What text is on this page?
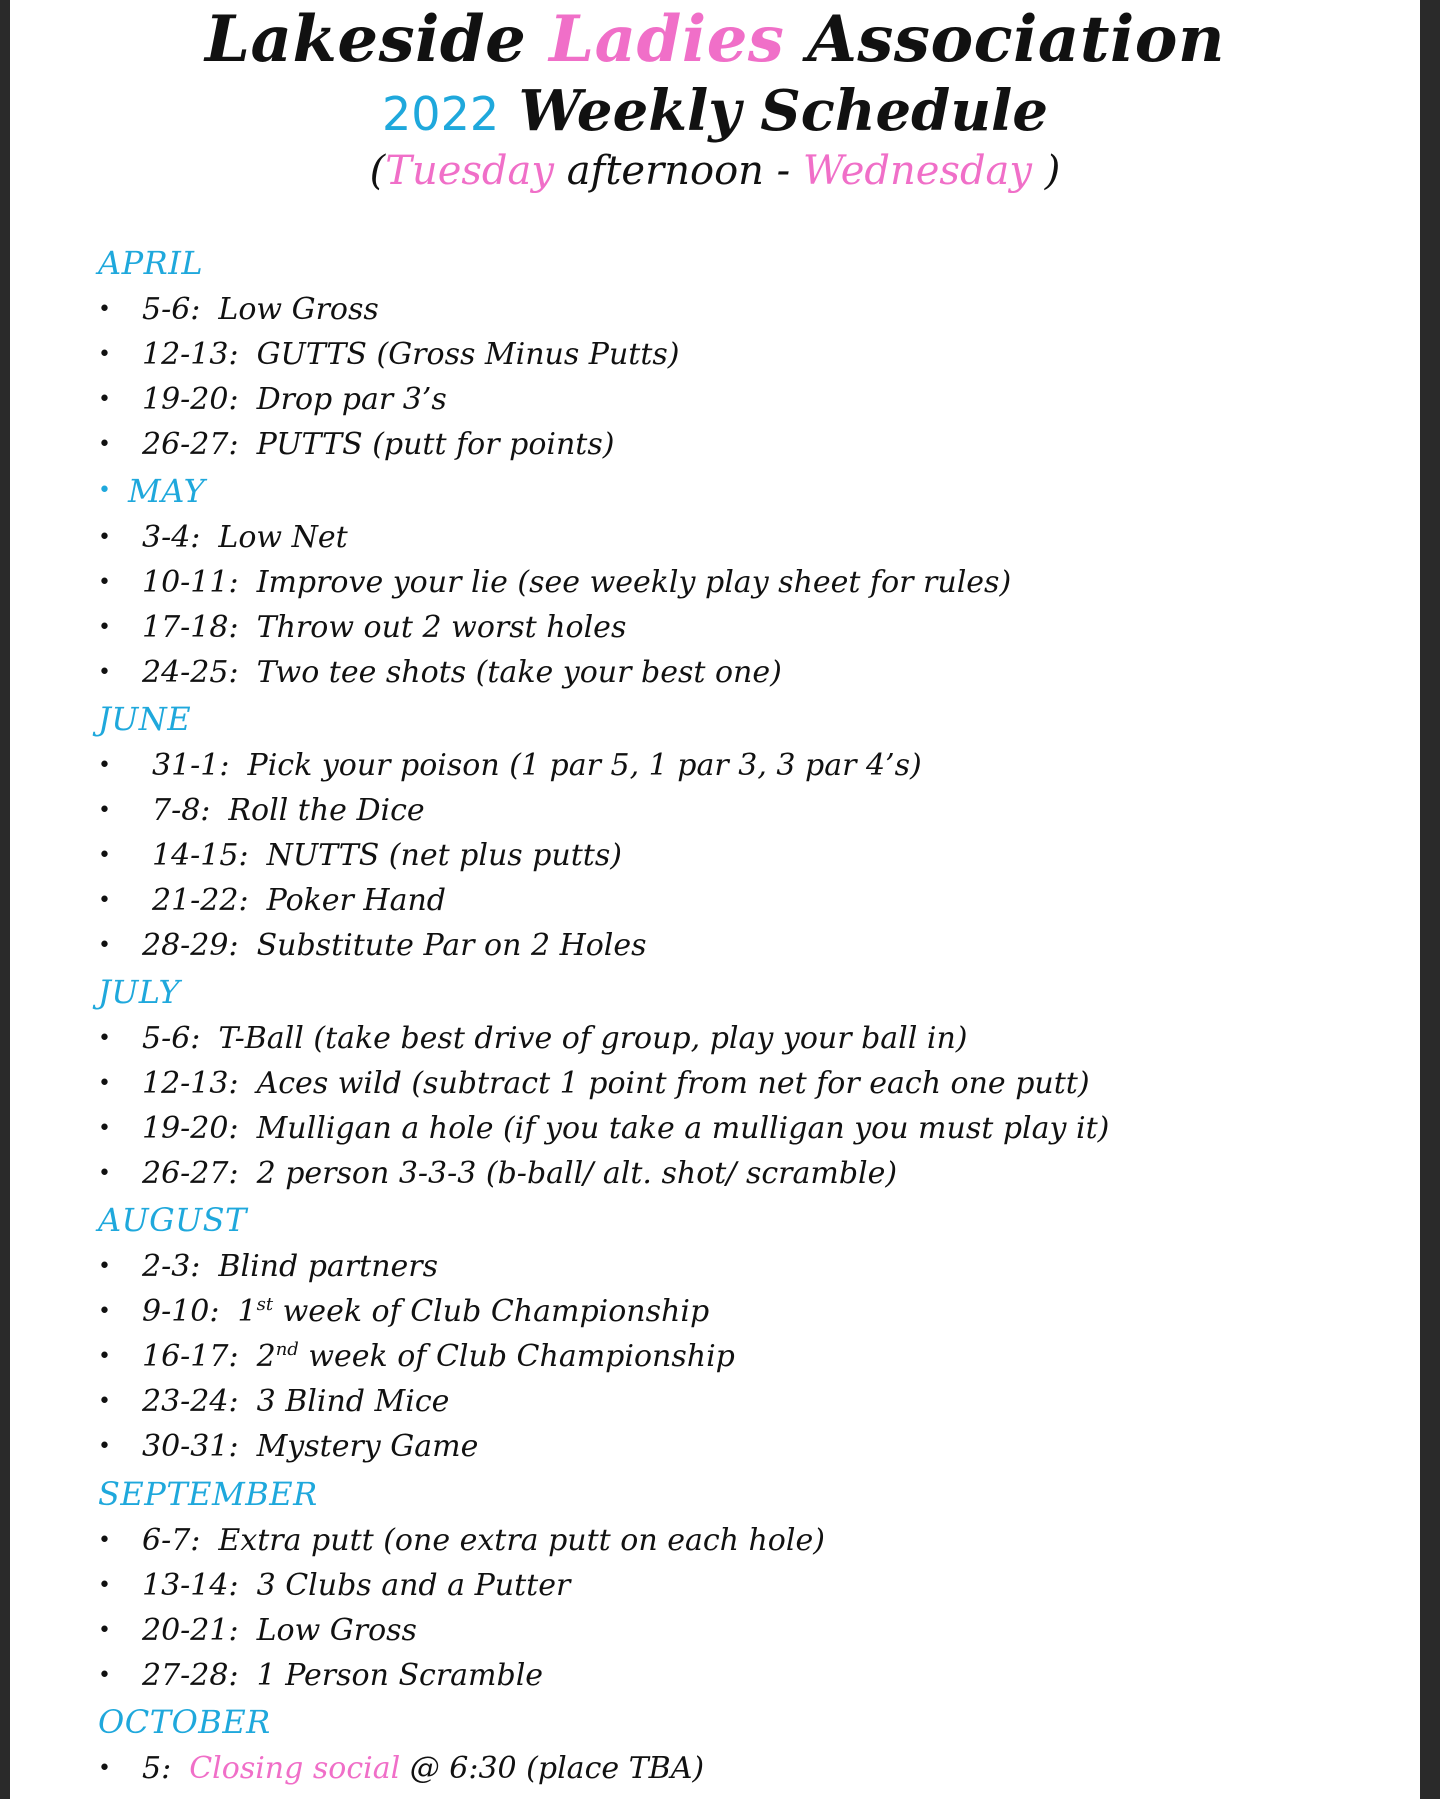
Lakeside Ladies Association
2022 Weekly Schedule
(Tuesday afternoon - Wednesday )
APRIL
• 5-6: Low Gross
• 12-13: GUTTS (Gross Minus Putts)
• 19-20: Drop par 3’s
• 26-27: PUTTS (putt for points)
• MAY
• 3-4: Low Net
• 10-11: Improve your lie (see weekly play sheet for rules)
• 17-18: Throw out 2 worst holes
• 24-25: Two tee shots (take your best one)
JUNE
• 31-1: Pick your poison (1 par 5, 1 par 3, 3 par 4’s)
• 7-8: Roll the Dice
• 14-15: NUTTS (net plus putts)
• 21-22: Poker Hand
• 28-29: Substitute Par on 2 Holes
JULY
• 5-6: T-Ball (take best drive of group, play your ball in)
• 12-13: Aces wild (subtract 1 point from net for each one putt)
• 19-20: Mulligan a hole (if you take a mulligan you must play it)
• 26-27: 2 person 3-3-3 (b-ball/ alt. shot/ scramble)
AUGUST
• 2-3: Blind partners
• 9-10: 1st week of Club Championship
• 16-17: 2nd week of Club Championship
• 23-24: 3 Blind Mice
• 30-31: Mystery Game
SEPTEMBER
• 6-7: Extra putt (one extra putt on each hole)
• 13-14: 3 Clubs and a Putter
• 20-21: Low Gross
• 27-28: 1 Person Scramble
OCTOBER
• 5: Closing social @ 6:30 (place TBA)
